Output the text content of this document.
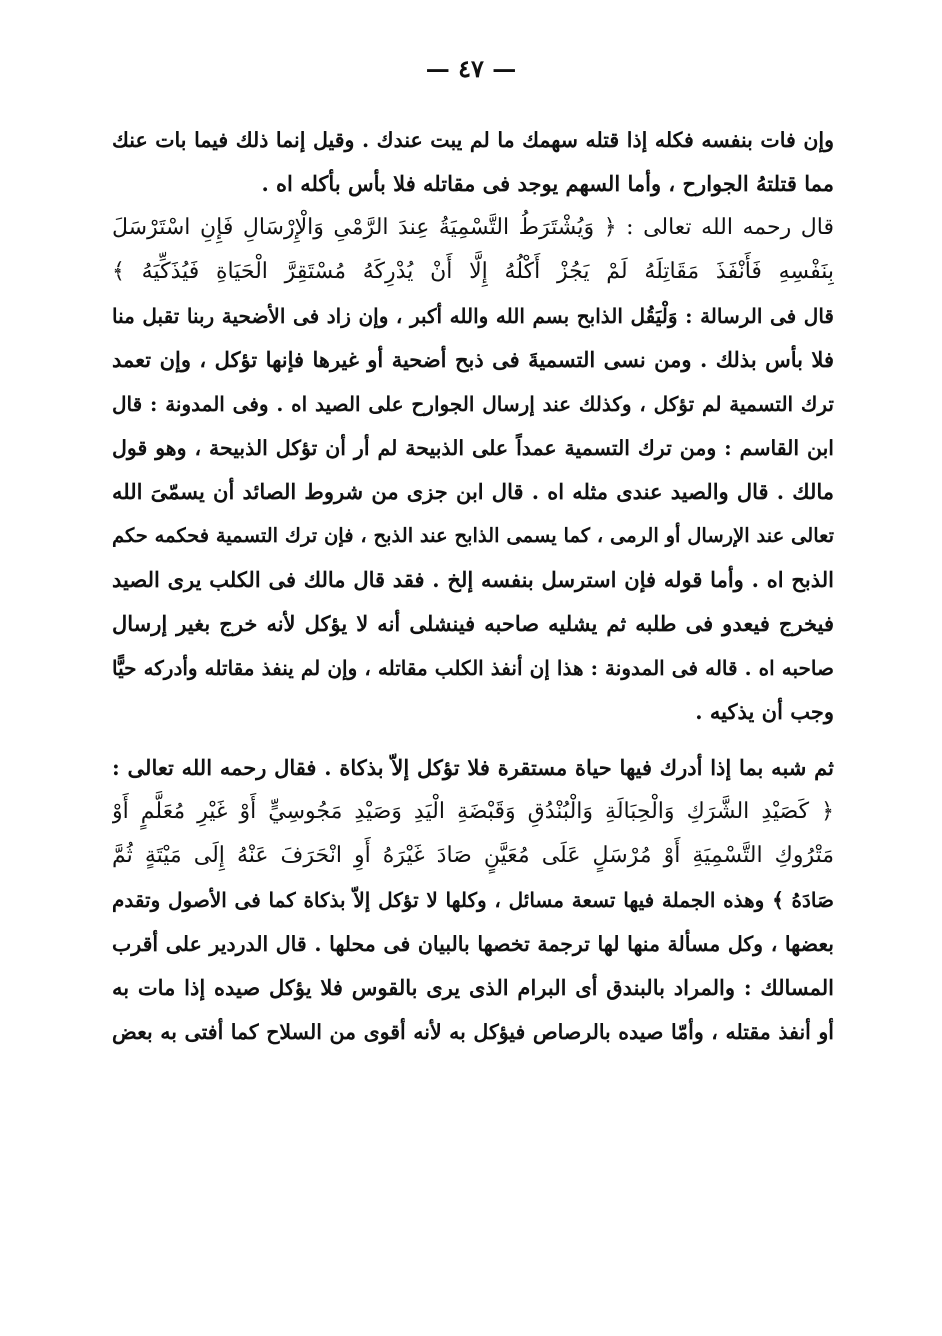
— ٤٧ —
وإن فات بنفسه فكله إذا قتله سهمك ما لم يبت عندك . وقيل إنما ذلك فيما بات عنك
مما قتلتهُ الجوارح ، وأما السهم يوجد فى مقاتله فلا بأس بأكله اه .
قال رحمه الله تعالى : ﴿ وَيُشْتَرَطُ التَّسْمِيَةُ عِندَ الرَّمْىِ وَالْإِرْسَالِ فَإِنِ اسْتَرْسَلَ
بِنَفْسِهِ فَأَنْفَذَ مَقَاتِلَهُ لَمْ يَجُزْ أَكْلُهُ إِلَّا أَنْ يُدْرِكَهُ مُسْتَقِرَّ الْحَيَاةِ فَيُذَكِّيَهُ ﴾
قال فى الرسالة : وَلْيَقُل الذابح بسم الله والله أكبر ، وإن زاد فى الأضحية ربنا تقبل منا
فلا بأس بذلك . ومن نسى التسميةَ فى ذبح أضحية أو غيرها فإنها تؤكل ، وإن تعمد
ترك التسمية لم تؤكل ، وكذلك عند إرسال الجوارح على الصيد اه . وفى المدونة : قال
ابن القاسم : ومن ترك التسمية عمداً على الذبيحة لم أر أن تؤكل الذبيحة ، وهو قول
مالك . قال والصيد عندى مثله اه . قال ابن جزى من شروط الصائد أن يسمّىَ الله
تعالى عند الإرسال أو الرمى ، كما يسمى الذابح عند الذبح ، فإن ترك التسمية فحكمه حكم
الذبح اه . وأما قوله فإن استرسل بنفسه إلخ . فقد قال مالك فى الكلب يرى الصيد
فيخرج فيعدو فى طلبه ثم يشليه صاحبه فينشلى أنه لا يؤكل لأنه خرج بغير إرسال
صاحبه اه . قاله فى المدونة : هذا إن أنفذ الكلب مقاتله ، وإن لم ينفذ مقاتله وأدركه حيًّا
وجب أن يذكيه .
ثم شبه بما إذا أدرك فيها حياة مستقرة فلا تؤكل إلاّ بذكاة . فقال رحمه الله تعالى :
﴿ كَصَيْدِ الشَّرَكِ وَالْحِبَالَةِ وَالْبُنْدُقِ وَقَبْضَةِ الْيَدِ وَصَيْدِ مَجُوسِيٍّ أَوْ غَيْرِ مُعَلَّمٍ أَوْ
مَتْرُوكِ التَّسْمِيَةِ أَوْ مُرْسَلٍ عَلَى مُعَيَّنٍ صَادَ غَيْرَهُ أَوِ انْحَرَفَ عَنْهُ إِلَى مَيْتَةٍ ثُمَّ
صَادَهُ ﴾ وهذه الجملة فيها تسعة مسائل ، وكلها لا تؤكل إلاّ بذكاة كما فى الأصول وتقدم
بعضها ، وكل مسألة منها لها ترجمة تخصها بالبيان فى محلها . قال الدردير على أقرب
المسالك : والمراد بالبندق أى البرام الذى يرى بالقوس فلا يؤكل صيده إذا مات به
أو أنفذ مقتله ، وأمّا صيده بالرصاص فيؤكل به لأنه أقوى من السلاح كما أفتى به بعض
